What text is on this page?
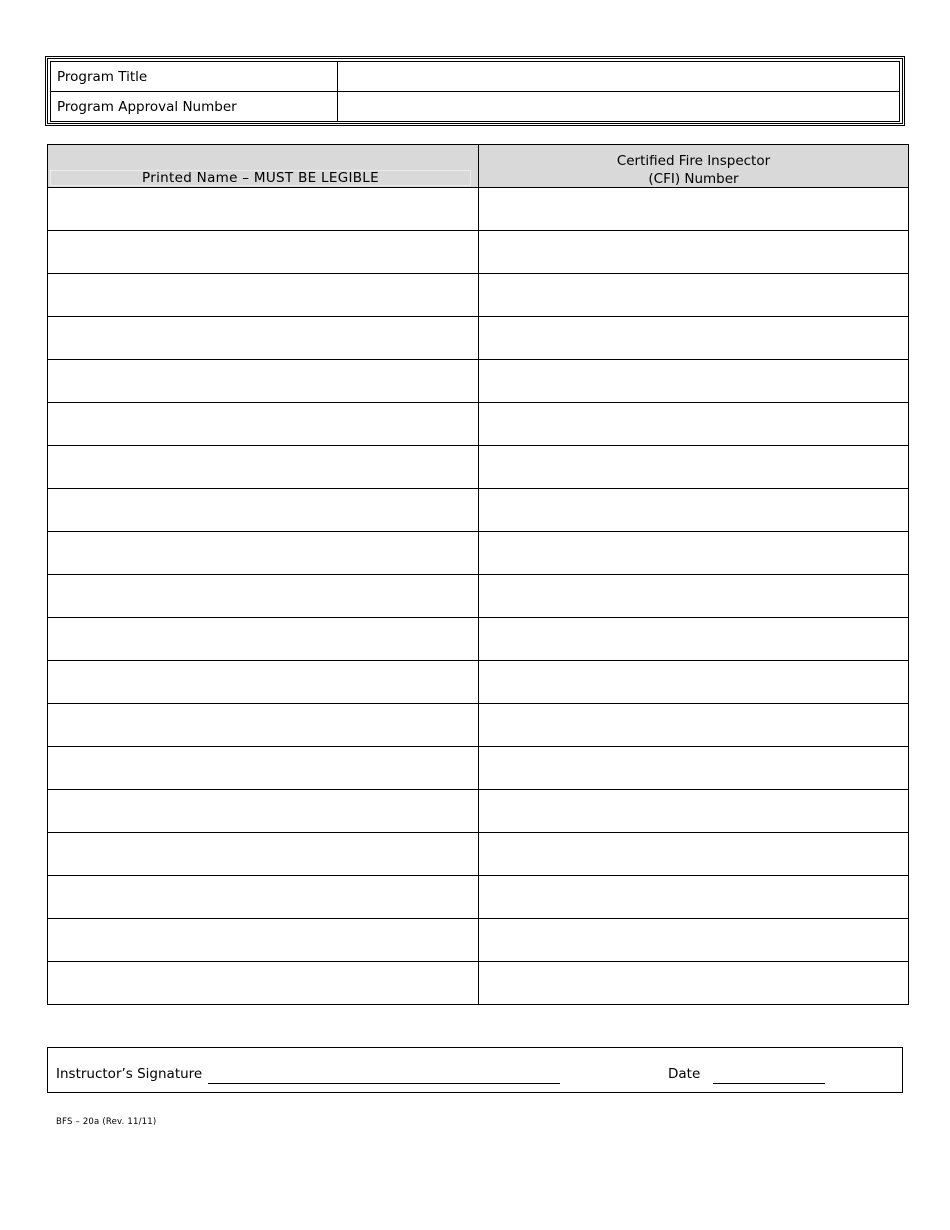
Program Title	
Program Approval Number	
Printed Name – MUST BE LEGIBLE	Certified Fire Inspector
(CFI) Number

Instructor’s Signature	Date
BFS – 20a (Rev. 11/11)
